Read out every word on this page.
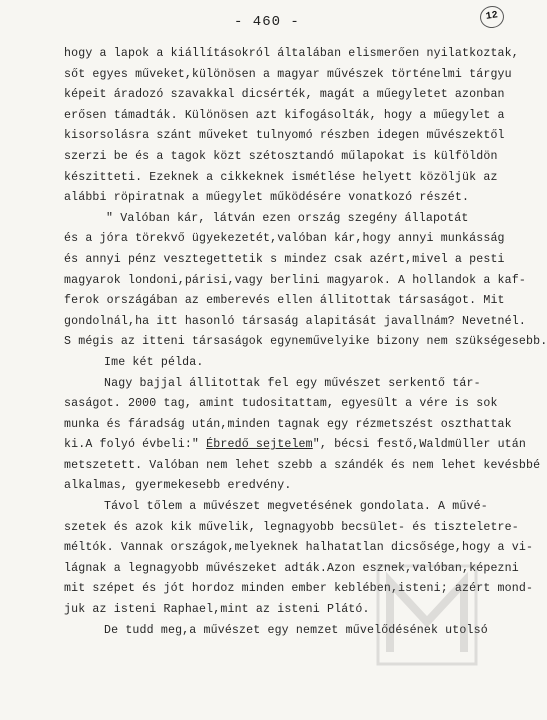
- 460 -	12
hogy a lapok a kiállításokról általában elismerően nyilatkoztak,
sőt egyes műveket,különösen a magyar művészek történelmi tárgyu
képeit áradozó szavakkal dicsérték, magát a műegyletet azonban
erősen támadták. Különösen azt kifogásolták, hogy a műegylet a
kisorsolásra szánt műveket tulnyomó részben idegen művészektől
szerzi be és a tagok közt szétosztandó műlapokat is külföldön
készitteti. Ezeknek a cikkeknek ismétlése helyett közöljük az
alábbi röpiratnak a műegylet működésére vonatkozó részét.
" Valóban kár, látván ezen ország szegény állapotát
és a jóra törekvő ügyekezetét,valóban kár,hogy annyi munkásság
és annyi pénz vesztegettetik s mindez csak azért,mivel a pesti
magyarok londoni,párisi,vagy berlini magyarok. A hollandok a kaf-
ferok országában az emberevés ellen állitottak társaságot. Mit
gondolnál,ha itt hasonló társaság alapitását javallnám? Nevetnél.
S mégis az itteni társaságok egyneművelyike bizony nem szükségesebb.
Ime két példa.
Nagy bajjal állitottak fel egy művészet serkentő tár-
saságot. 2000 tag, amint tudositattam, egyesült a vére is sok
munka és fáradság után,minden tagnak egy rézmetszést oszthattak
ki.A folyó évbeli:" Ébredő sejtelem", bécsi festő,Waldmüller után
metszetett. Valóban nem lehet szebb a szándék és nem lehet kevésbbé
alkalmas, gyermekesebb eredvény.
Távol tőlem a művészet megvetésének gondolata. A művé-
szetek és azok kik művelik, legnagyobb becsület- és tiszteletre-
méltók. Vannak országok,melyeknek halhatatlan dicsősége,hogy a vi-
lágnak a legnagyobb művészeket adták.Azon esznek,valóban,képezni
mit szépet és jót hordoz minden ember keblében,isteni; azért mond-
juk az isteni Raphael,mint az isteni Plátó.
De tudd meg,a művészet egy nemzet művelődésének utolsó
